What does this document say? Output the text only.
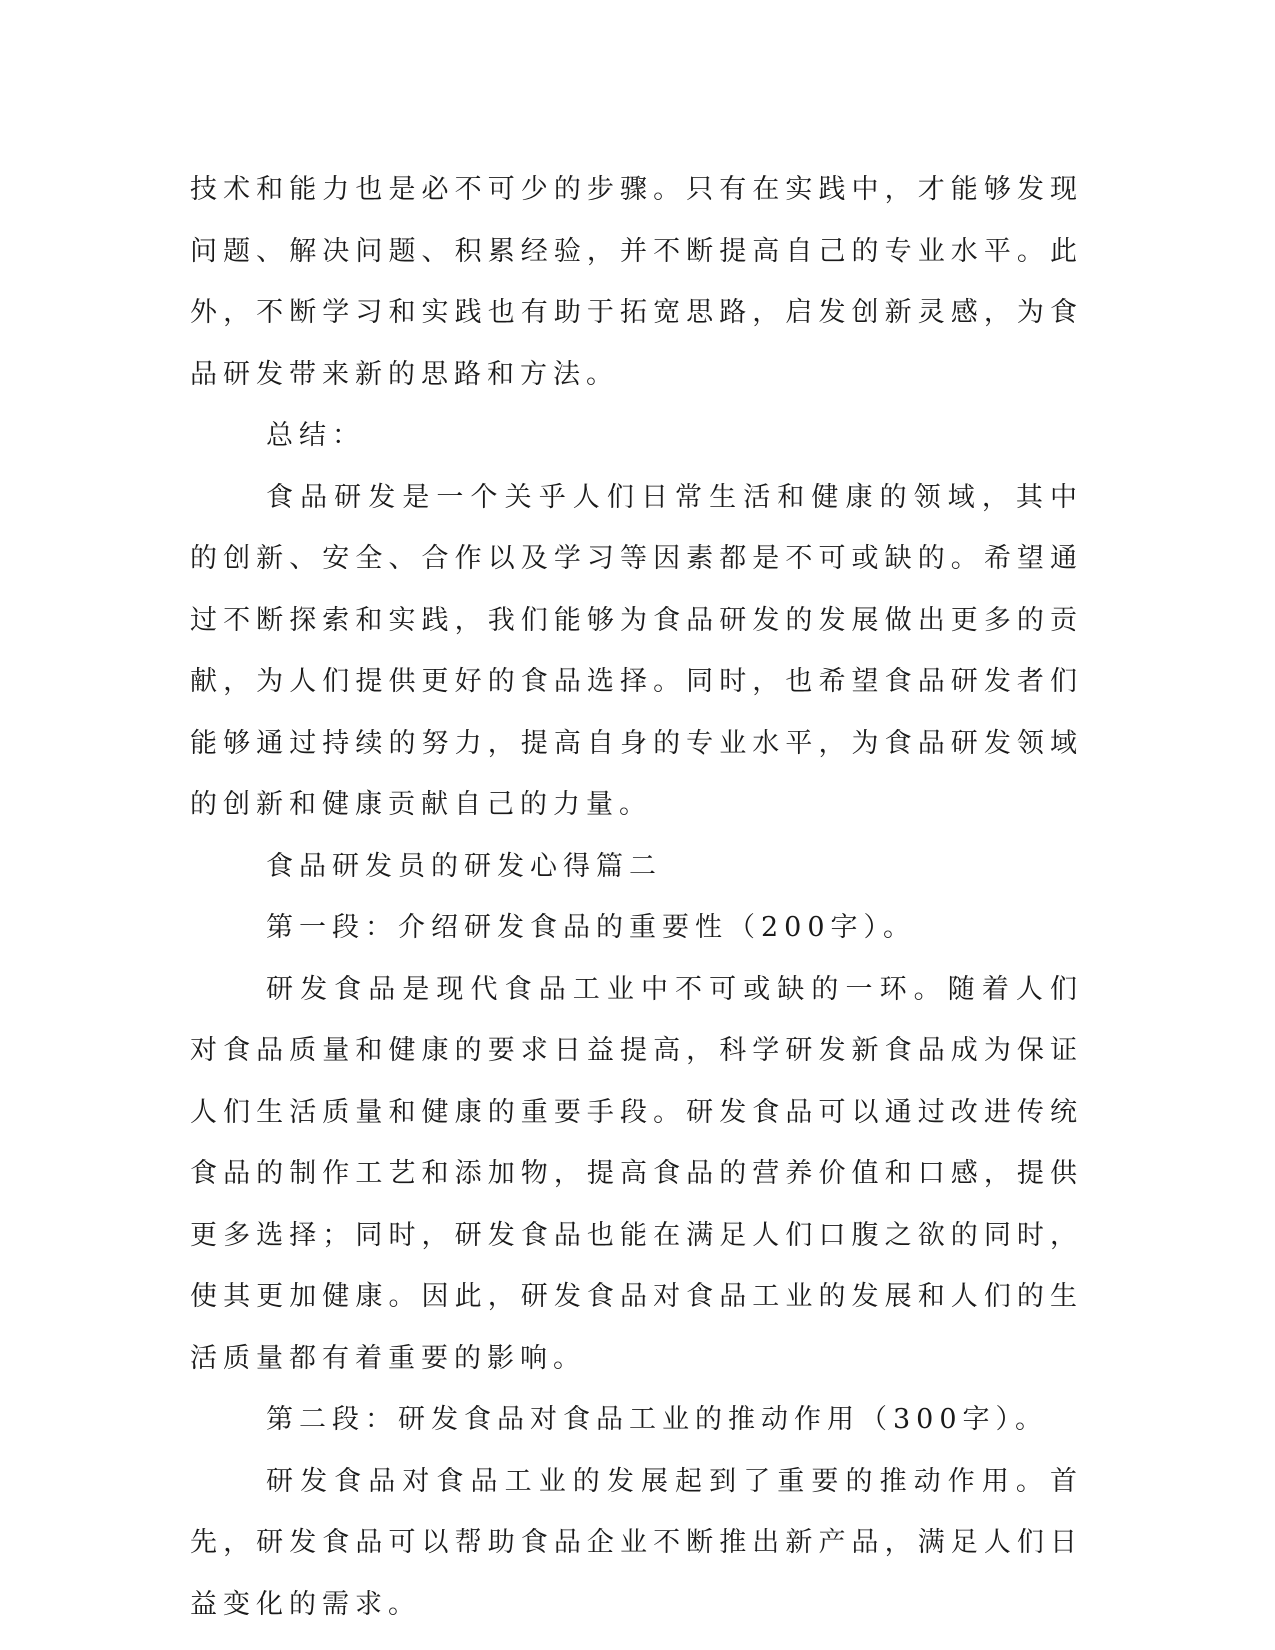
技术和能力也是必不可少的步骤。只有在实践中，才能够发现问题、解决问题、积累经验，并不断提高自己的专业水平。此外，不断学习和实践也有助于拓宽思路，启发创新灵感，为食品研发带来新的思路和方法。

总结：

食品研发是一个关乎人们日常生活和健康的领域，其中的创新、安全、合作以及学习等因素都是不可或缺的。希望通过不断探索和实践，我们能够为食品研发的发展做出更多的贡献，为人们提供更好的食品选择。同时，也希望食品研发者们能够通过持续的努力，提高自身的专业水平，为食品研发领域的创新和健康贡献自己的力量。

食品研发员的研发心得篇二

第一段：介绍研发食品的重要性（200字）。

研发食品是现代食品工业中不可或缺的一环。随着人们对食品质量和健康的要求日益提高，科学研发新食品成为保证人们生活质量和健康的重要手段。研发食品可以通过改进传统食品的制作工艺和添加物，提高食品的营养价值和口感，提供更多选择；同时，研发食品也能在满足人们口腹之欲的同时，使其更加健康。因此，研发食品对食品工业的发展和人们的生活质量都有着重要的影响。

第二段：研发食品对食品工业的推动作用（300字）。

研发食品对食品工业的发展起到了重要的推动作用。首先，研发食品可以帮助食品企业不断推出新产品，满足人们日益变化的需求。
